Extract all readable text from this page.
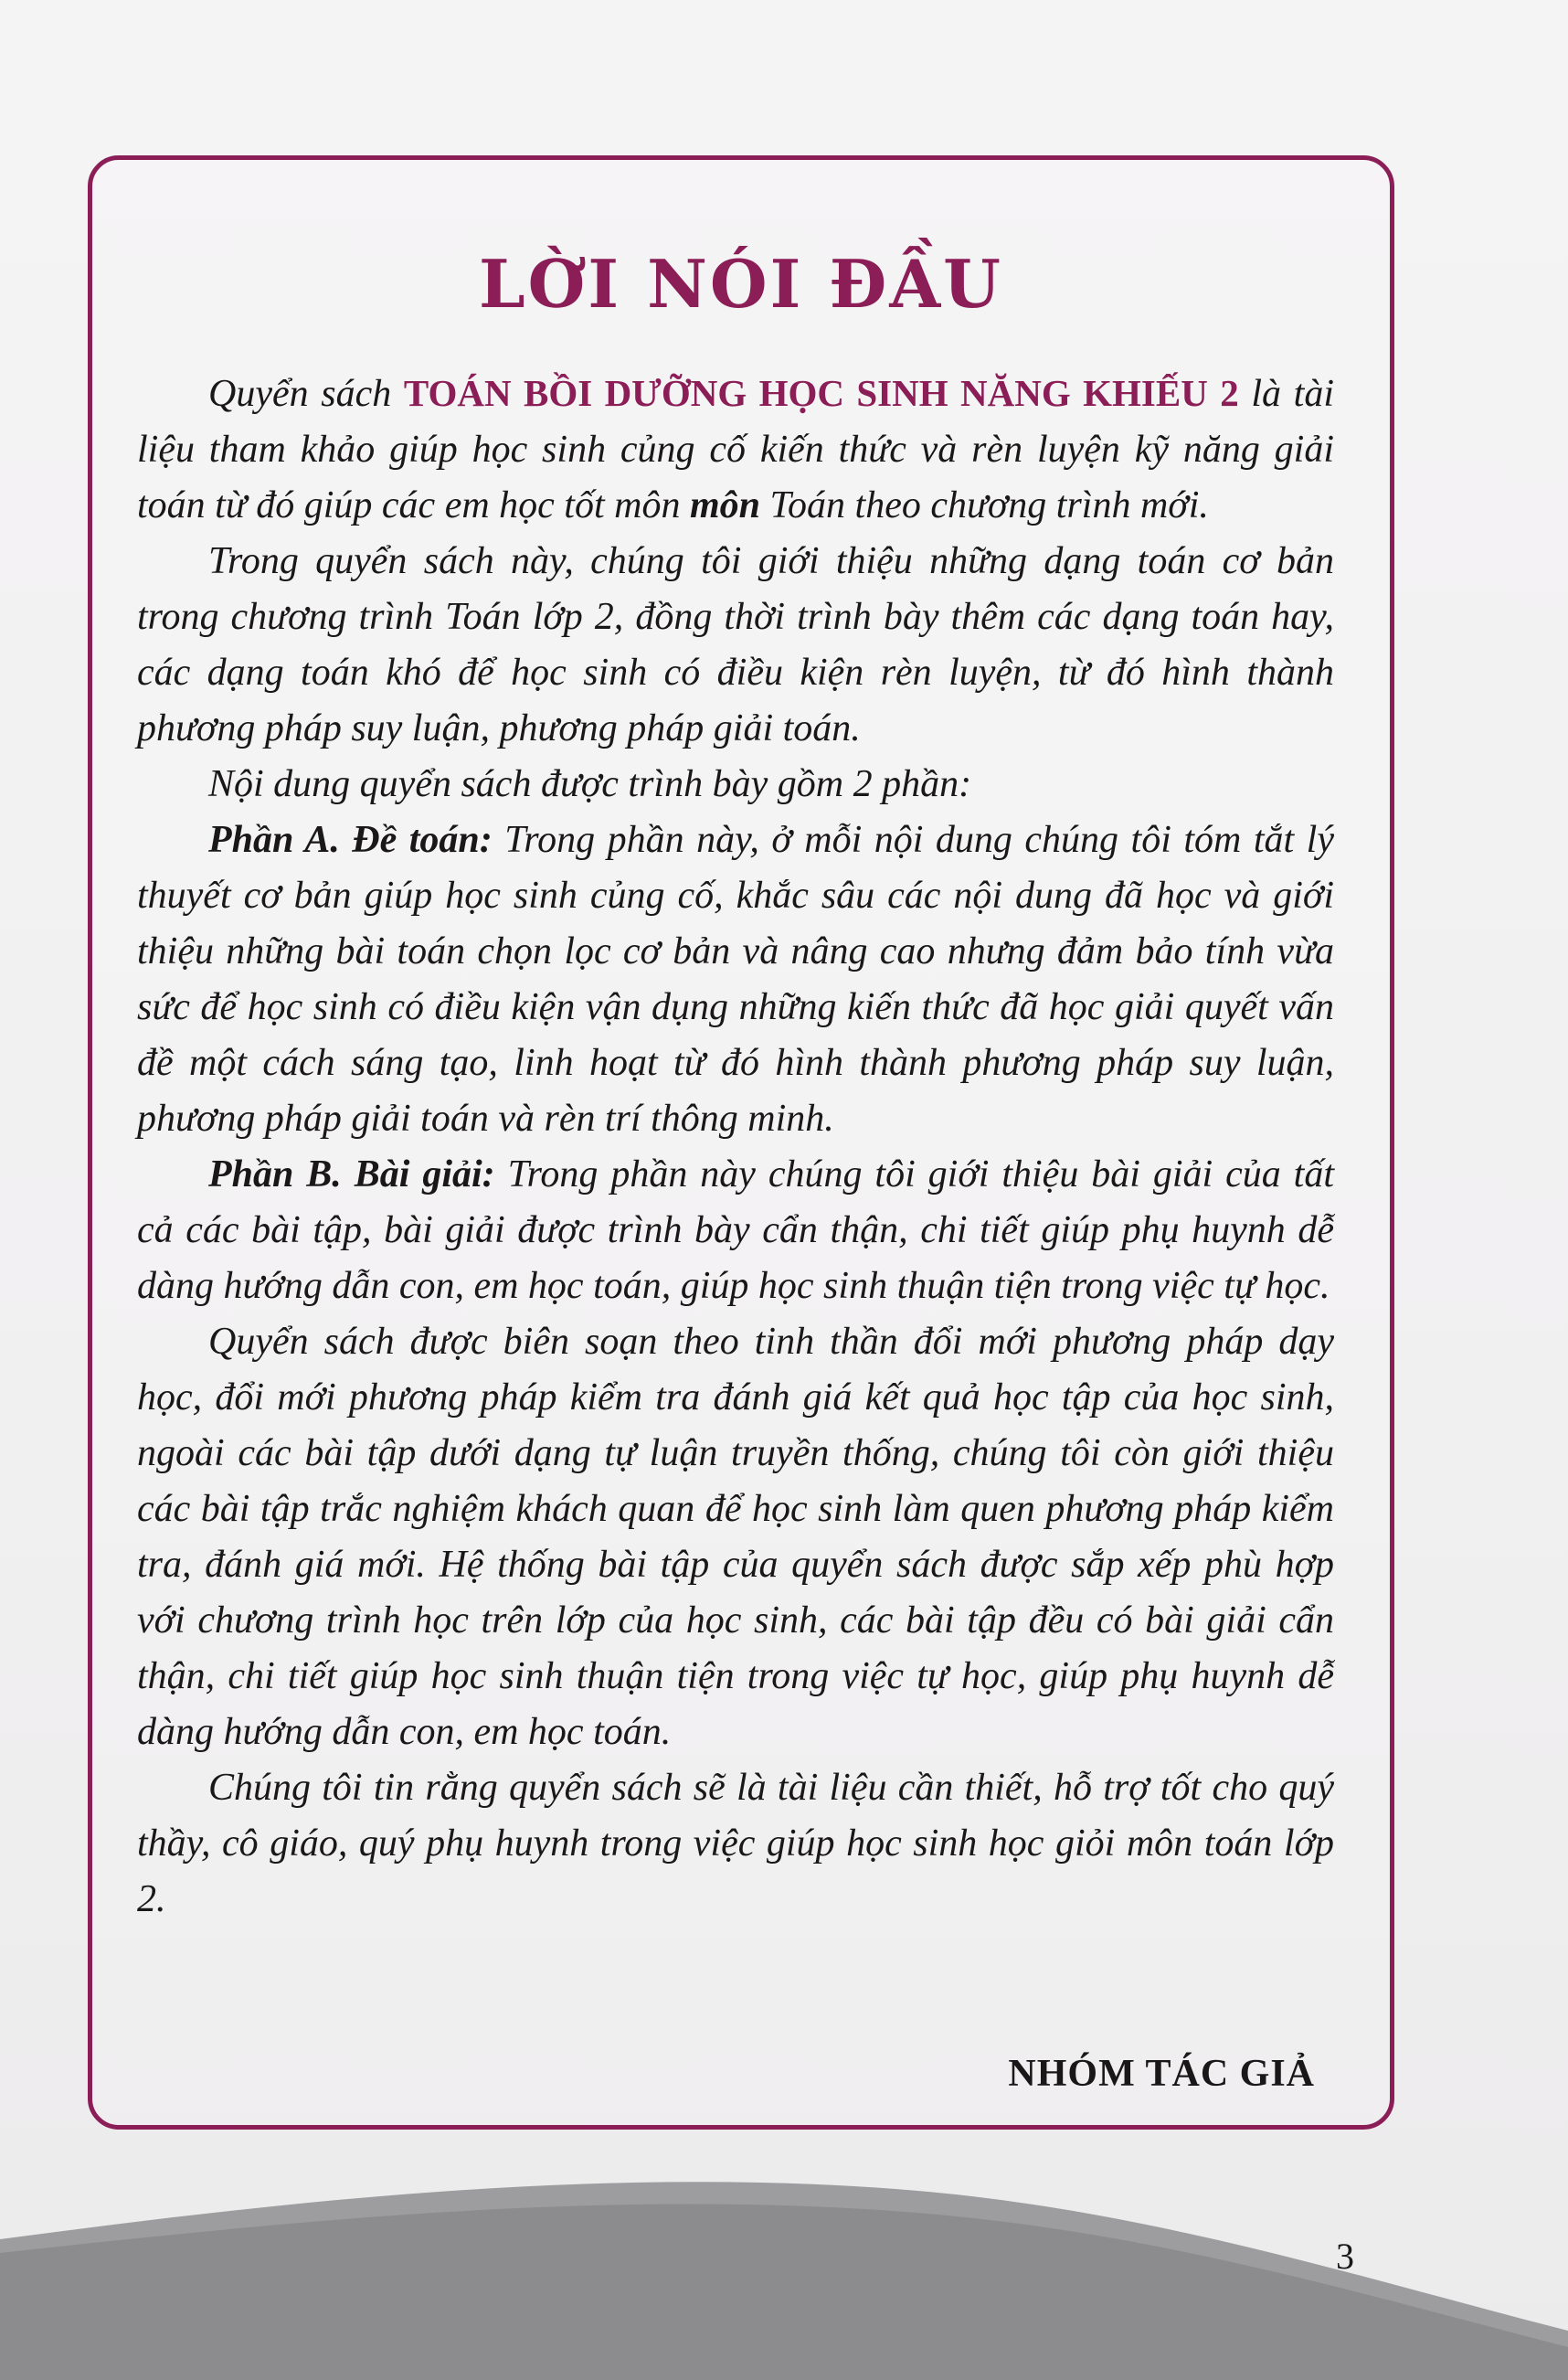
LỜI NÓI ĐẦU

Quyển sách TOÁN BỒI DƯỠNG HỌC SINH NĂNG KHIẾU 2 là tài liệu tham khảo giúp học sinh củng cố kiến thức và rèn luyện kỹ năng giải toán từ đó giúp các em học tốt môn môn Toán theo chương trình mới.

Trong quyển sách này, chúng tôi giới thiệu những dạng toán cơ bản trong chương trình Toán lớp 2, đồng thời trình bày thêm các dạng toán hay, các dạng toán khó để học sinh có điều kiện rèn luyện, từ đó hình thành phương pháp suy luận, phương pháp giải toán.

Nội dung quyển sách được trình bày gồm 2 phần:

Phần A. Đề toán: Trong phần này, ở mỗi nội dung chúng tôi tóm tắt lý thuyết cơ bản giúp học sinh củng cố, khắc sâu các nội dung đã học và giới thiệu những bài toán chọn lọc cơ bản và nâng cao nhưng đảm bảo tính vừa sức để học sinh có điều kiện vận dụng những kiến thức đã học giải quyết vấn đề một cách sáng tạo, linh hoạt từ đó hình thành phương pháp suy luận, phương pháp giải toán và rèn trí thông minh.

Phần B. Bài giải: Trong phần này chúng tôi giới thiệu bài giải của tất cả các bài tập, bài giải được trình bày cẩn thận, chi tiết giúp phụ huynh dễ dàng hướng dẫn con, em học toán, giúp học sinh thuận tiện trong việc tự học.

Quyển sách được biên soạn theo tinh thần đổi mới phương pháp dạy học, đổi mới phương pháp kiểm tra đánh giá kết quả học tập của học sinh, ngoài các bài tập dưới dạng tự luận truyền thống, chúng tôi còn giới thiệu các bài tập trắc nghiệm khách quan để học sinh làm quen phương pháp kiểm tra, đánh giá mới. Hệ thống bài tập của quyển sách được sắp xếp phù hợp với chương trình học trên lớp của học sinh, các bài tập đều có bài giải cẩn thận, chi tiết giúp học sinh thuận tiện trong việc tự học, giúp phụ huynh dễ dàng hướng dẫn con, em học toán.

Chúng tôi tin rằng quyển sách sẽ là tài liệu cần thiết, hỗ trợ tốt cho quý thầy, cô giáo, quý phụ huynh trong việc giúp học sinh học giỏi môn toán lớp 2.

NHÓM TÁC GIẢ

3
